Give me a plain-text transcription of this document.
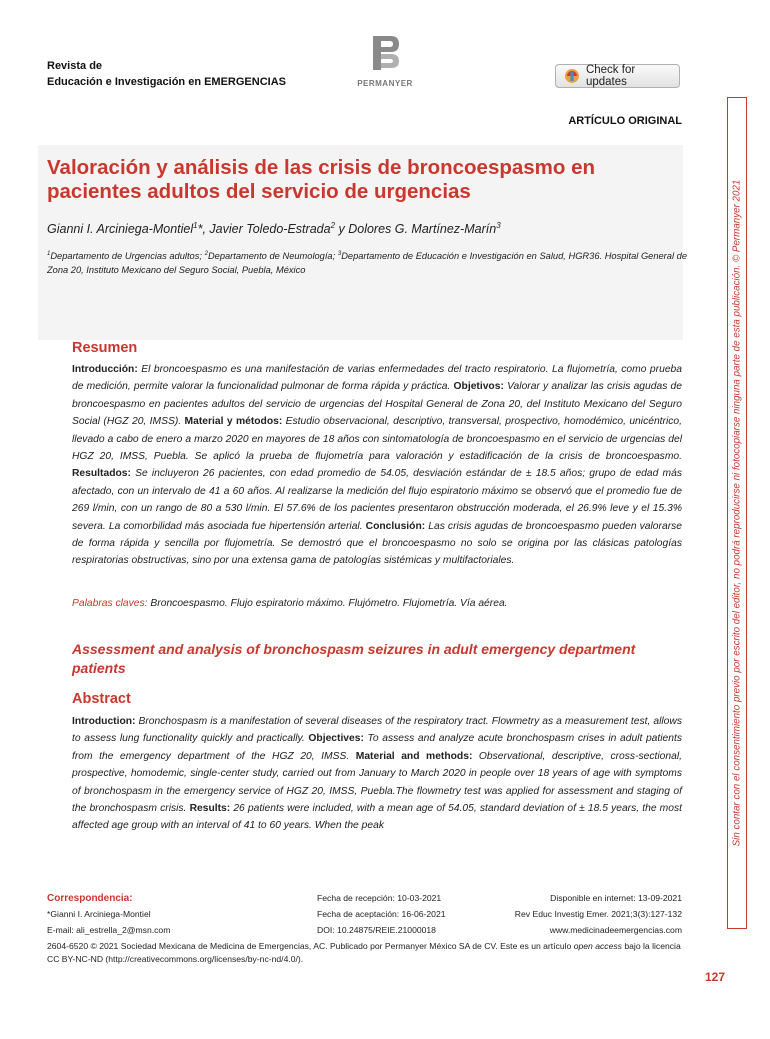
Revista de
Educación e Investigación en EMERGENCIAS	PERMANYER
Check for updates
ARTÍCULO ORIGINAL
Valoración y análisis de las crisis de broncoespasmo en pacientes adultos del servicio de urgencias
Gianni I. Arciniega-Montiel$^1$*, Javier Toledo-Estrada$^2$ y Dolores G. Martínez-Marín$^3$
$^1$Departamento de Urgencias adultos; $^2$Departamento de Neumología; $^3$Departamento de Educación e Investigación en Salud, HGR36. Hospital General de Zona 20, Instituto Mexicano del Seguro Social, Puebla, México
Resumen
Introducción: El broncoespasmo es una manifestación de varias enfermedades del tracto respiratorio. La flujometría, como prueba de medición, permite valorar la funcionalidad pulmonar de forma rápida y práctica. Objetivos: Valorar y analizar las crisis agudas de broncoespasmo en pacientes adultos del servicio de urgencias del Hospital General de Zona 20, del Instituto Mexicano del Seguro Social (HGZ 20, IMSS). Material y métodos: Estudio observacional, descriptivo, transversal, prospectivo, homodémico, unicéntrico, llevado a cabo de enero a marzo 2020 en mayores de 18 años con sintomatología de broncoespasmo en el servicio de urgencias del HGZ 20, IMSS, Puebla. Se aplicó la prueba de flujometría para valoración y estadificación de la crisis de broncoespasmo. Resultados: Se incluyeron 26 pacientes, con edad promedio de 54.05, desviación estándar de ± 18.5 años; grupo de edad más afectado, con un intervalo de 41 a 60 años. Al realizarse la medición del flujo espiratorio máximo se observó que el promedio fue de 269 l/min, con un rango de 80 a 530 l/min. El 57.6% de los pacientes presentaron obstrucción moderada, el 26.9% leve y el 15.3% severa. La comorbilidad más asociada fue hipertensión arterial. Conclusión: Las crisis agudas de broncoespasmo pueden valorarse de forma rápida y sencilla por flujometría. Se demostró que el broncoespasmo no solo se origina por las clásicas patologías respiratorias obstructivas, sino por una extensa gama de patologías sistémicas y multifactoriales.
Palabras claves: Broncoespasmo. Flujo espiratorio máximo. Flujómetro. Flujometría. Vía aérea.
Assessment and analysis of bronchospasm seizures in adult emergency department patients
Abstract
Introduction: Bronchospasm is a manifestation of several diseases of the respiratory tract. Flowmetry as a measurement test, allows to assess lung functionality quickly and practically. Objectives: To assess and analyze acute bronchospasm crises in adult patients from the emergency department of the HGZ 20, IMSS. Material and methods: Observational, descriptive, cross-sectional, prospective, homodemic, single-center study, carried out from January to March 2020 in people over 18 years of age with symptoms of bronchospasm in the emergency service of HGZ 20, IMSS, Puebla.The flowmetry test was applied for assessment and staging of the bronchospasm crisis. Results: 26 patients were included, with a mean age of 54.05, standard deviation of ± 18.5 years, the most affected age group with an interval of 41 to 60 years. When the peak	Sin contar con el consentimiento previo por escrito del editor, no podrá reproducirse ni fotocopiarse ninguna parte de esta publicación. © Permanyer 2021
Correspondencia:
*Gianni I. Arciniega-Montiel
E-mail: ali_estrella_2@msn.com
Fecha de recepción: 10-03-2021
Fecha de aceptación: 16-06-2021
DOI: 10.24875/REIE.21000018
Disponible en internet: 13-09-2021
Rev Educ Investig Emer. 2021;3(3):127-132
www.medicinadeemergencias.com
2604-6520 © 2021 Sociedad Mexicana de Medicina de Emergencias, AC. Publicado por Permanyer México SA de CV. Este es un artículo open access bajo la licencia CC BY-NC-ND (http://creativecommons.org/licenses/by-nc-nd/4.0/).
127
